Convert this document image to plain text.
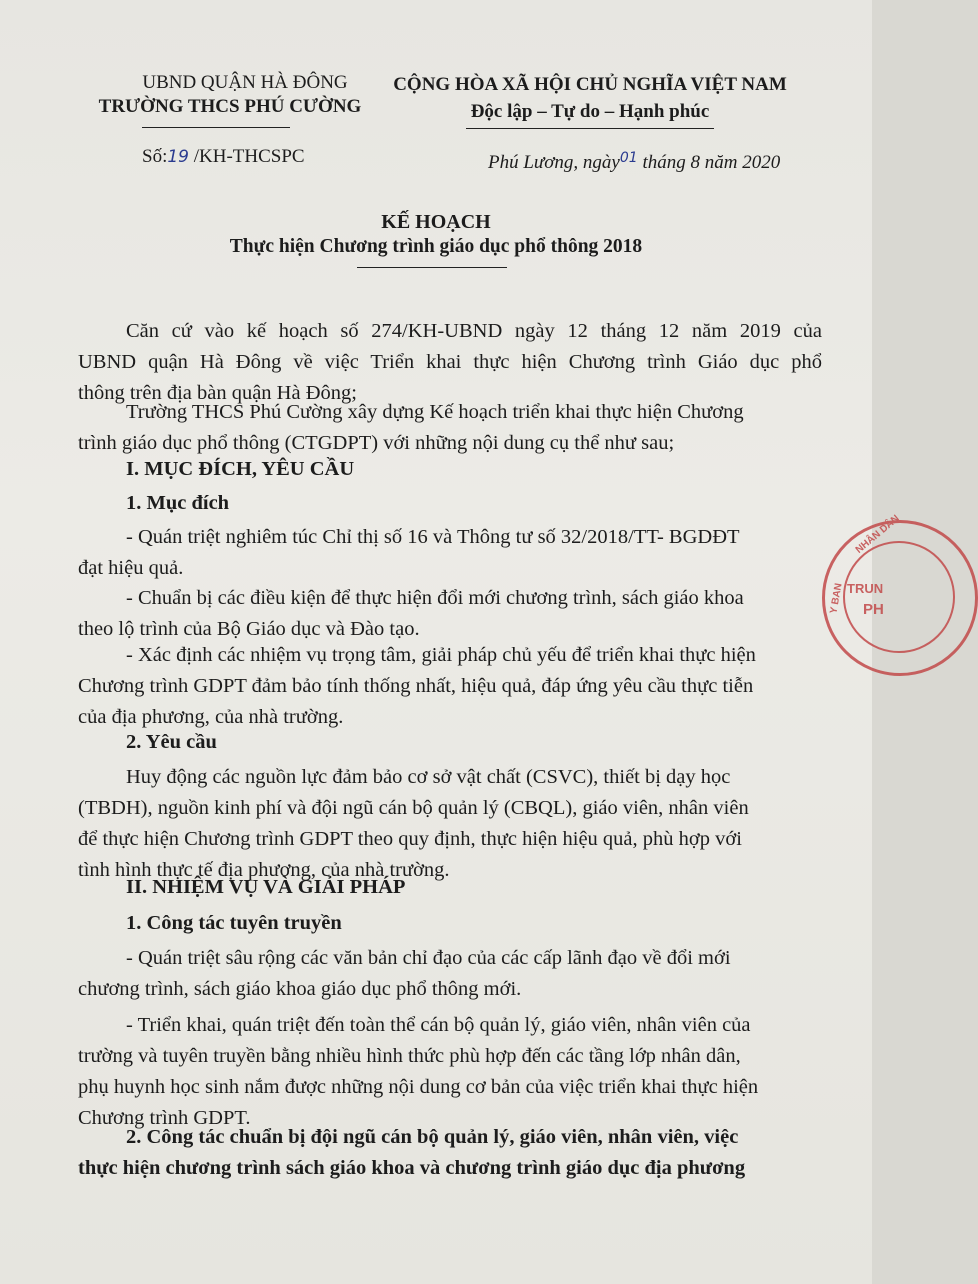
UBND QUẬN HÀ ĐÔNG
TRƯỜNG THCS PHÚ CƯỜNG
CỘNG HÒA XÃ HỘI CHỦ NGHĨA VIỆT NAM
Độc lập – Tự do – Hạnh phúc
Số:19 /KH-THCSPC	Phú Lương, ngày$^{01}$ tháng 8 năm 2020
KẾ HOẠCH
Thực hiện Chương trình giáo dục phổ thông 2018
Căn cứ vào kế hoạch số 274/KH-UBND ngày 12 tháng 12 năm 2019 của
UBND quận Hà Đông về việc Triển khai thực hiện Chương trình Giáo dục phổ
thông trên địa bàn quận Hà Đông;
Trường THCS Phú Cường xây dựng Kế hoạch triển khai thực hiện Chương
trình giáo dục phổ thông (CTGDPT) với những nội dung cụ thể như sau;
I. MỤC ĐÍCH, YÊU CẦU
1. Mục đích
- Quán triệt nghiêm túc Chỉ thị số 16 và Thông tư số 32/2018/TT- BGDĐT
đạt hiệu quả.
- Chuẩn bị các điều kiện để thực hiện đổi mới chương trình, sách giáo khoa
theo lộ trình của Bộ Giáo dục và Đào tạo.
- Xác định các nhiệm vụ trọng tâm, giải pháp chủ yếu để triển khai thực hiện
Chương trình GDPT đảm bảo tính thống nhất, hiệu quả, đáp ứng yêu cầu thực tiễn
của địa phương, của nhà trường.
2. Yêu cầu
Huy động các nguồn lực đảm bảo cơ sở vật chất (CSVC), thiết bị dạy học
(TBDH), nguồn kinh phí và đội ngũ cán bộ quản lý (CBQL), giáo viên, nhân viên
để thực hiện Chương trình GDPT theo quy định, thực hiện hiệu quả, phù hợp với
tình hình thực tế địa phương, của nhà trường.
II. NHIỆM VỤ VÀ GIẢI PHÁP
1. Công tác tuyên truyền
- Quán triệt sâu rộng các văn bản chỉ đạo của các cấp lãnh đạo về đổi mới
chương trình, sách giáo khoa giáo dục phổ thông mới.
- Triển khai, quán triệt đến toàn thể cán bộ quản lý, giáo viên, nhân viên của
trường và tuyên truyền bằng nhiều hình thức phù hợp đến các tầng lớp nhân dân,
phụ huynh học sinh nắm được những nội dung cơ bản của việc triển khai thực hiện
Chương trình GDPT.
2. Công tác chuẩn bị đội ngũ cán bộ quản lý, giáo viên, nhân viên, việc
thực hiện chương trình sách giáo khoa và chương trình giáo dục địa phương
NHÂN DÂN
Y BAN TRUN
PH
